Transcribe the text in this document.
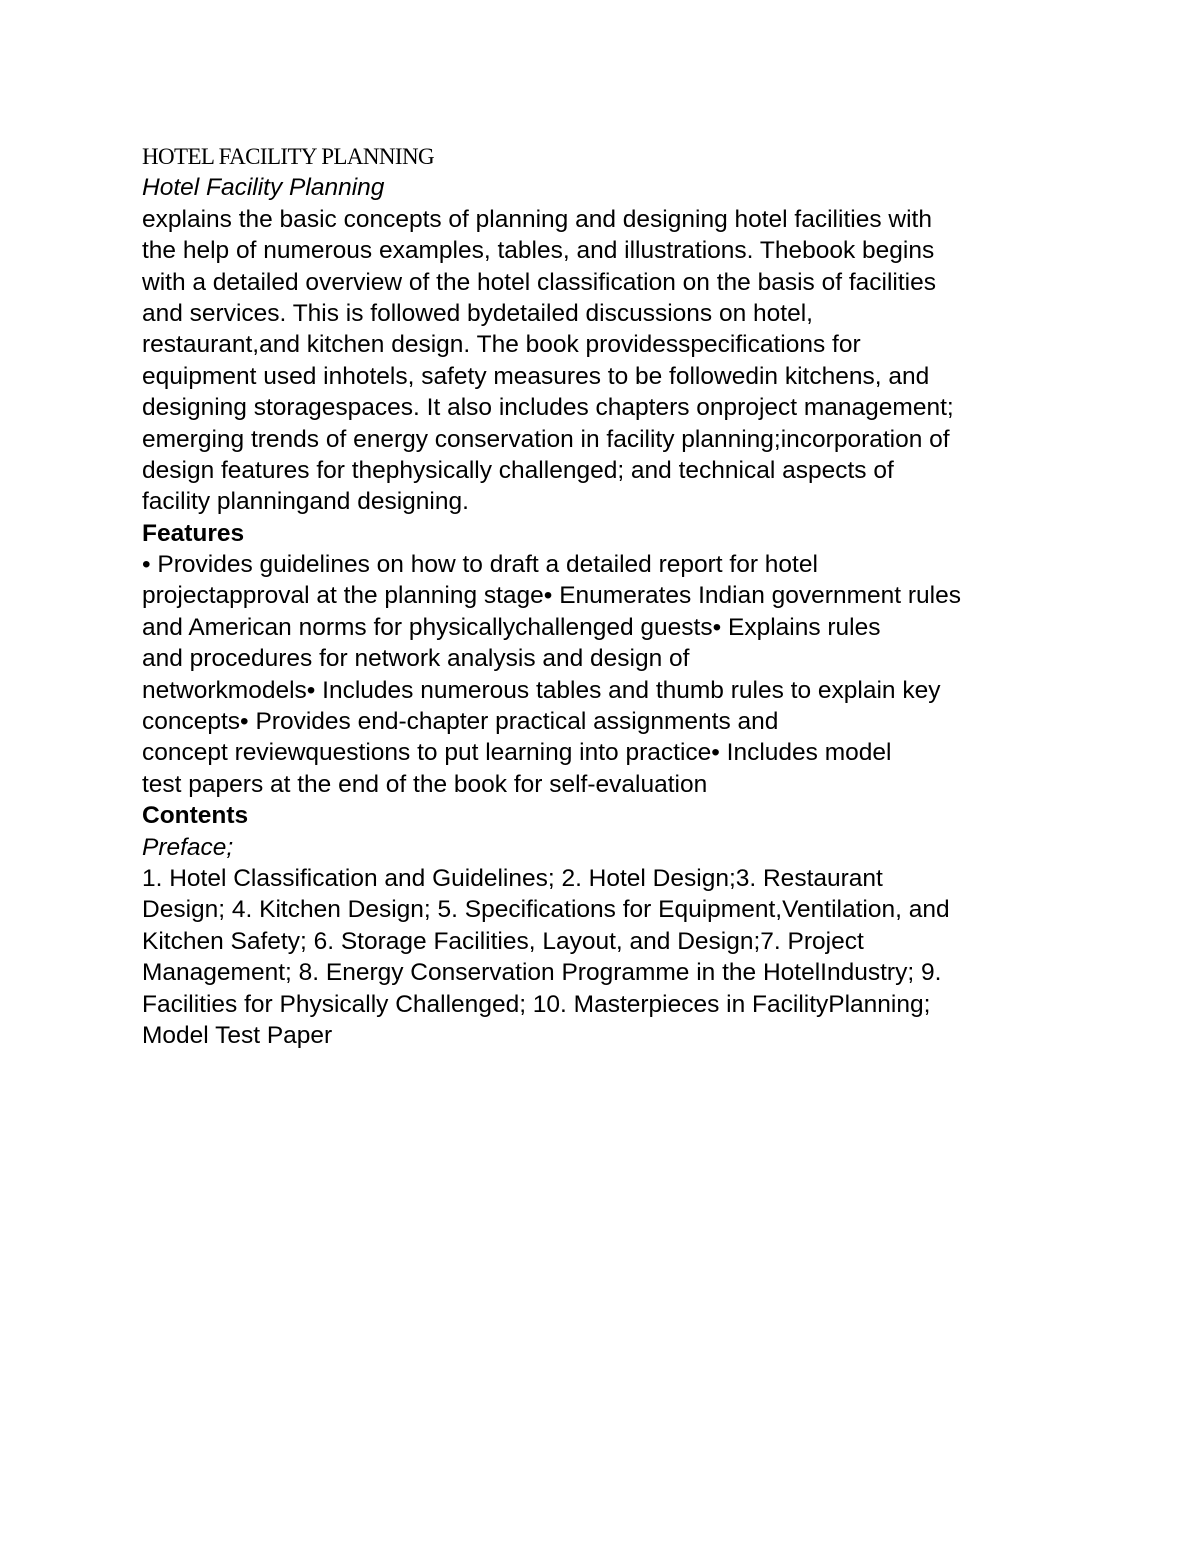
HOTEL FACILITY PLANNING
Hotel Facility Planning
explains the basic concepts of planning and designing hotel facilities with
the help of numerous examples, tables, and illustrations. Thebook begins
with a detailed overview of the hotel classification on the basis of facilities
and services. This is followed bydetailed discussions on hotel,
restaurant,and kitchen design. The book providesspecifications for
equipment used inhotels, safety measures to be followedin kitchens, and
designing storagespaces. It also includes chapters onproject management;
emerging trends of energy conservation in facility planning;incorporation of
design features for thephysically challenged; and technical aspects of
facility planningand designing.
Features
• Provides guidelines on how to draft a detailed report for hotel
projectapproval at the planning stage• Enumerates Indian government rules
and American norms for physicallychallenged guests• Explains rules
and procedures for network analysis and design of
networkmodels• Includes numerous tables and thumb rules to explain key
concepts• Provides end-chapter practical assignments and
concept reviewquestions to put learning into practice• Includes model
test papers at the end of the book for self-evaluation
Contents
Preface;
1. Hotel Classification and Guidelines; 2. Hotel Design;3. Restaurant
Design; 4. Kitchen Design; 5. Specifications for Equipment,Ventilation, and
Kitchen Safety; 6. Storage Facilities, Layout, and Design;7. Project
Management; 8. Energy Conservation Programme in the HotelIndustry; 9.
Facilities for Physically Challenged; 10. Masterpieces in FacilityPlanning;
Model Test Paper
